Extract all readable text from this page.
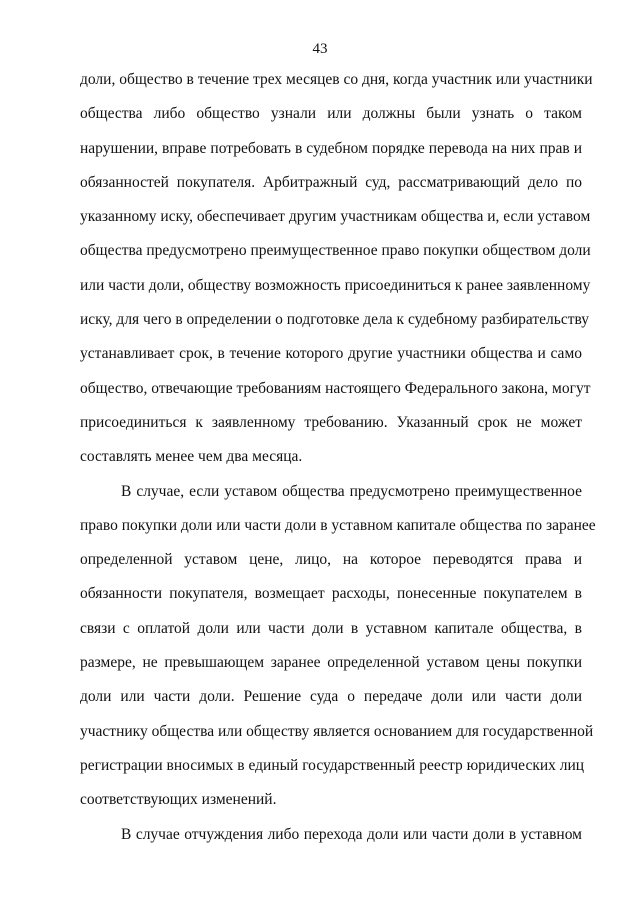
43
доли, общество в течение трех месяцев со дня, когда участник или участники
общества либо общество узнали или должны были узнать о таком
нарушении, вправе потребовать в судебном порядке перевода на них прав и
обязанностей покупателя. Арбитражный суд, рассматривающий дело по
указанному иску, обеспечивает другим участникам общества и, если уставом
общества предусмотрено преимущественное право покупки обществом доли
или части доли, обществу возможность присоединиться к ранее заявленному
иску, для чего в определении о подготовке дела к судебному разбирательству
устанавливает срок, в течение которого другие участники общества и само
общество, отвечающие требованиям настоящего Федерального закона, могут
присоединиться к заявленному требованию. Указанный срок не может
составлять менее чем два месяца.
В случае, если уставом общества предусмотрено преимущественное
право покупки доли или части доли в уставном капитале общества по заранее
определенной уставом цене, лицо, на которое переводятся права и
обязанности покупателя, возмещает расходы, понесенные покупателем в
связи с оплатой доли или части доли в уставном капитале общества, в
размере, не превышающем заранее определенной уставом цены покупки
доли или части доли. Решение суда о передаче доли или части доли
участнику общества или обществу является основанием для государственной
регистрации вносимых в единый государственный реестр юридических лиц
соответствующих изменений.
В случае отчуждения либо перехода доли или части доли в уставном
